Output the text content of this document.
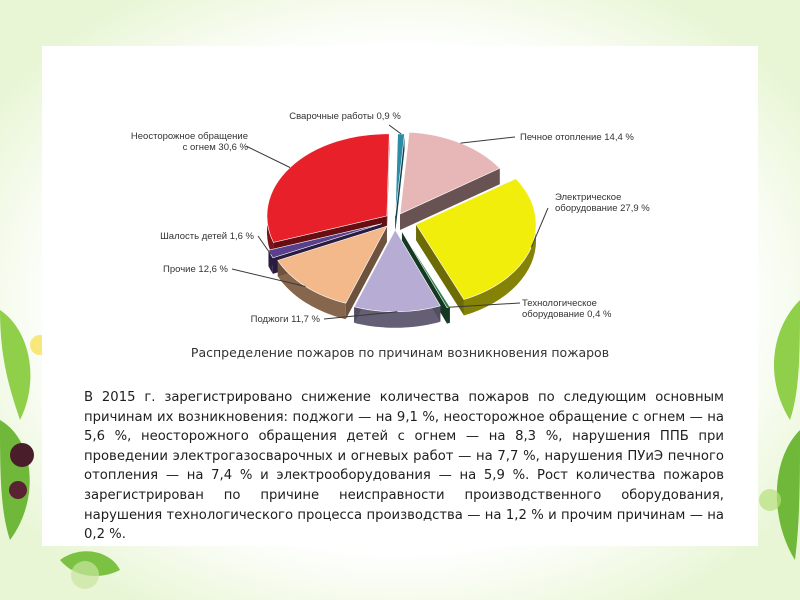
Сварочные работы 0,9 %
Печное отопление 14,4 %
Электрическое оборудование 27,9 %
Технологическое оборудование 0,4 %
Поджоги 11,7 %
Прочие 12,6 %
Шалость детей 1,6 %
Неосторожное обращение с огнем 30,6 %
Распределение пожаров по причинам возникновения пожаров
В 2015 г. зарегистрировано снижение количества пожаров по следующим основным причинам их возникновения: поджоги — на 9,1 %, неосторожное обращение с огнем — на 5,6 %, неосторожного обращения детей с огнем — на 8,3 %, нарушения ППБ при проведении электрогазосварочных и огневых работ — на 7,7 %, нарушения ПУиЭ печного отопления — на 7,4 % и электрооборудования — на 5,9 %. Рост количества пожаров зарегистрирован по причине неисправности производственного оборудования, нарушения технологического процесса производства — на 1,2 % и прочим причинам — на 0,2 %.
